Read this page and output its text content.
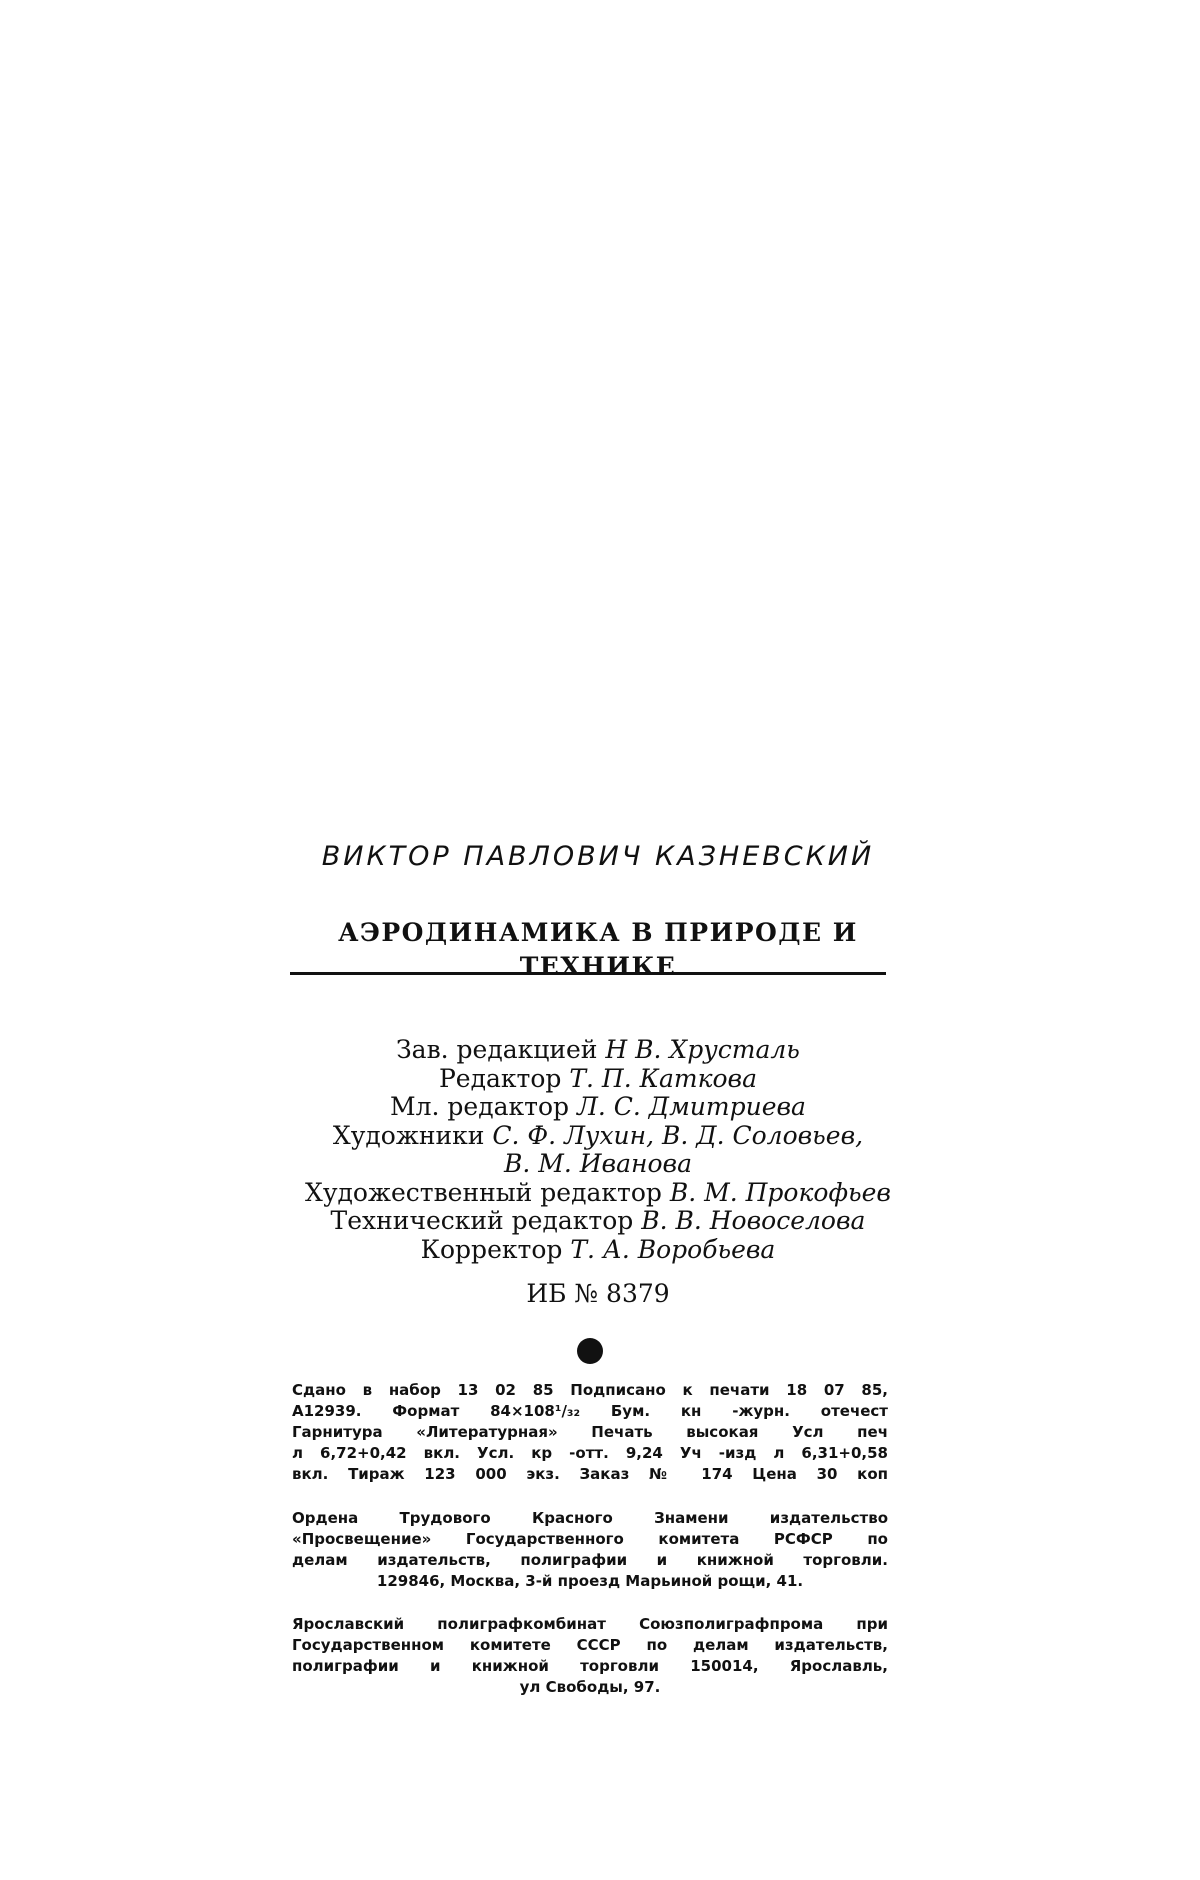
ВИКТОР ПАВЛОВИЧ КАЗНЕВСКИЙ
АЭРОДИНАМИКА В ПРИРОДЕ И ТЕХНИКЕ
Зав. редакцией Н В. Хрусталь
Редактор Т. П. Каткова
Мл. редактор Л. С. Дмитриева
Художники С. Ф. Лухин, В. Д. Соловьев,
В. М. Иванова
Художественный редактор В. М. Прокофьев
Технический редактор В. В. Новоселова
Корректор Т. А. Воробьева
ИБ № 8379
Сдано в набор 13 02 85 Подписано к печати 18 07 85,
А12939. Формат 84×108¹/₃₂ Бум. кн -журн. отечест
Гарнитура «Литературная» Печать высокая Усл печ
л 6,72+0,42 вкл. Усл. кр -отт. 9,24 Уч -изд л 6,31+0,58
вкл. Тираж 123 000 экз. Заказ № 174 Цена 30 коп
Ордена Трудового Красного Знамени издательство
«Просвещение» Государственного комитета РСФСР по
делам издательств, полиграфии и книжной торговли.
129846, Москва, 3-й проезд Марьиной рощи, 41.
Ярославский полиграфкомбинат Союзполиграфпрома при
Государственном комитете СССР по делам издательств,
полиграфии и книжной торговли 150014, Ярославль,
ул Свободы, 97.
